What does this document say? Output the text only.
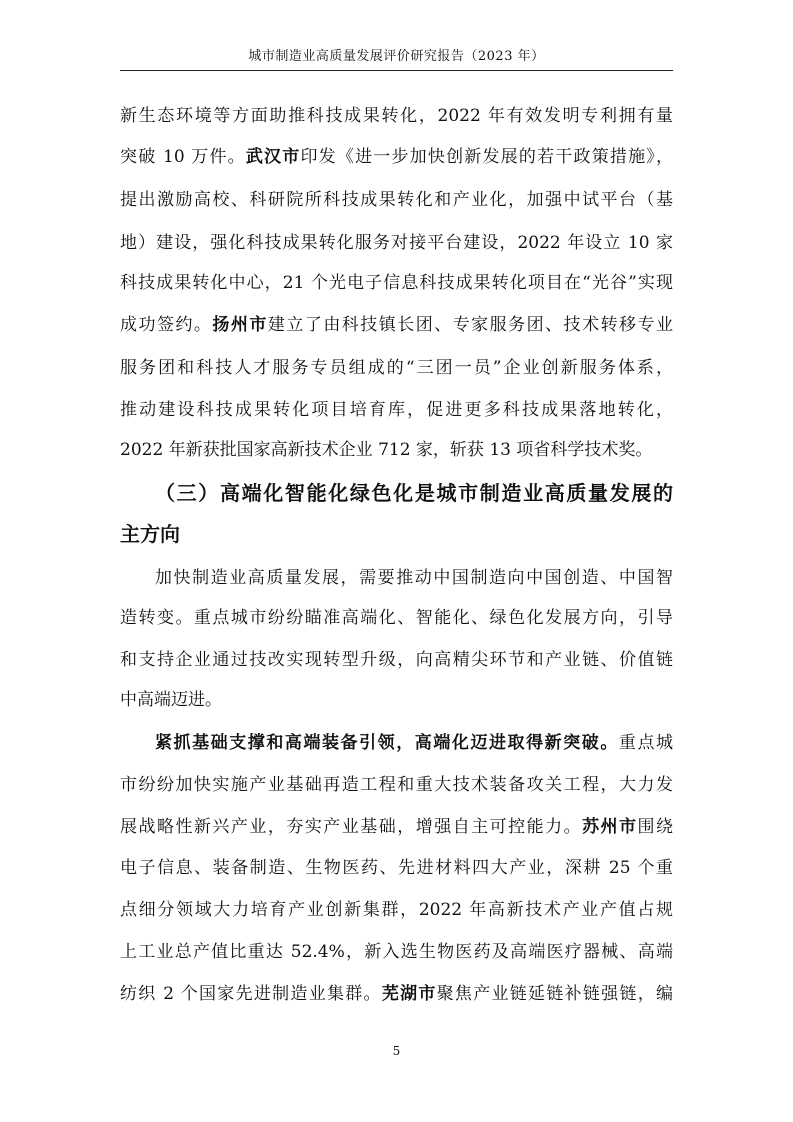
城市制造业高质量发展评价研究报告（2023 年）
新生态环境等方面助推科技成果转化，2022 年有效发明专利拥有量
突破 10 万件。武汉市印发《进一步加快创新发展的若干政策措施》，
提出激励高校、科研院所科技成果转化和产业化，加强中试平台（基
地）建设，强化科技成果转化服务对接平台建设，2022 年设立 10 家
科技成果转化中心，21 个光电子信息科技成果转化项目在“光谷”实现
成功签约。扬州市建立了由科技镇长团、专家服务团、技术转移专业
服务团和科技人才服务专员组成的“三团一员”企业创新服务体系，
推动建设科技成果转化项目培育库，促进更多科技成果落地转化，
2022 年新获批国家高新技术企业 712 家，斩获 13 项省科学技术奖。
（三）高端化智能化绿色化是城市制造业高质量发展的
主方向
加快制造业高质量发展，需要推动中国制造向中国创造、中国智
造转变。重点城市纷纷瞄准高端化、智能化、绿色化发展方向，引导
和支持企业通过技改实现转型升级，向高精尖环节和产业链、价值链
中高端迈进。
紧抓基础支撑和高端装备引领，高端化迈进取得新突破。重点城
市纷纷加快实施产业基础再造工程和重大技术装备攻关工程，大力发
展战略性新兴产业，夯实产业基础，增强自主可控能力。苏州市围绕
电子信息、装备制造、生物医药、先进材料四大产业，深耕 25 个重
点细分领域大力培育产业创新集群，2022 年高新技术产业产值占规
上工业总产值比重达 52.4%，新入选生物医药及高端医疗器械、高端
纺织 2 个国家先进制造业集群。芜湖市聚焦产业链延链补链强链，编
5
